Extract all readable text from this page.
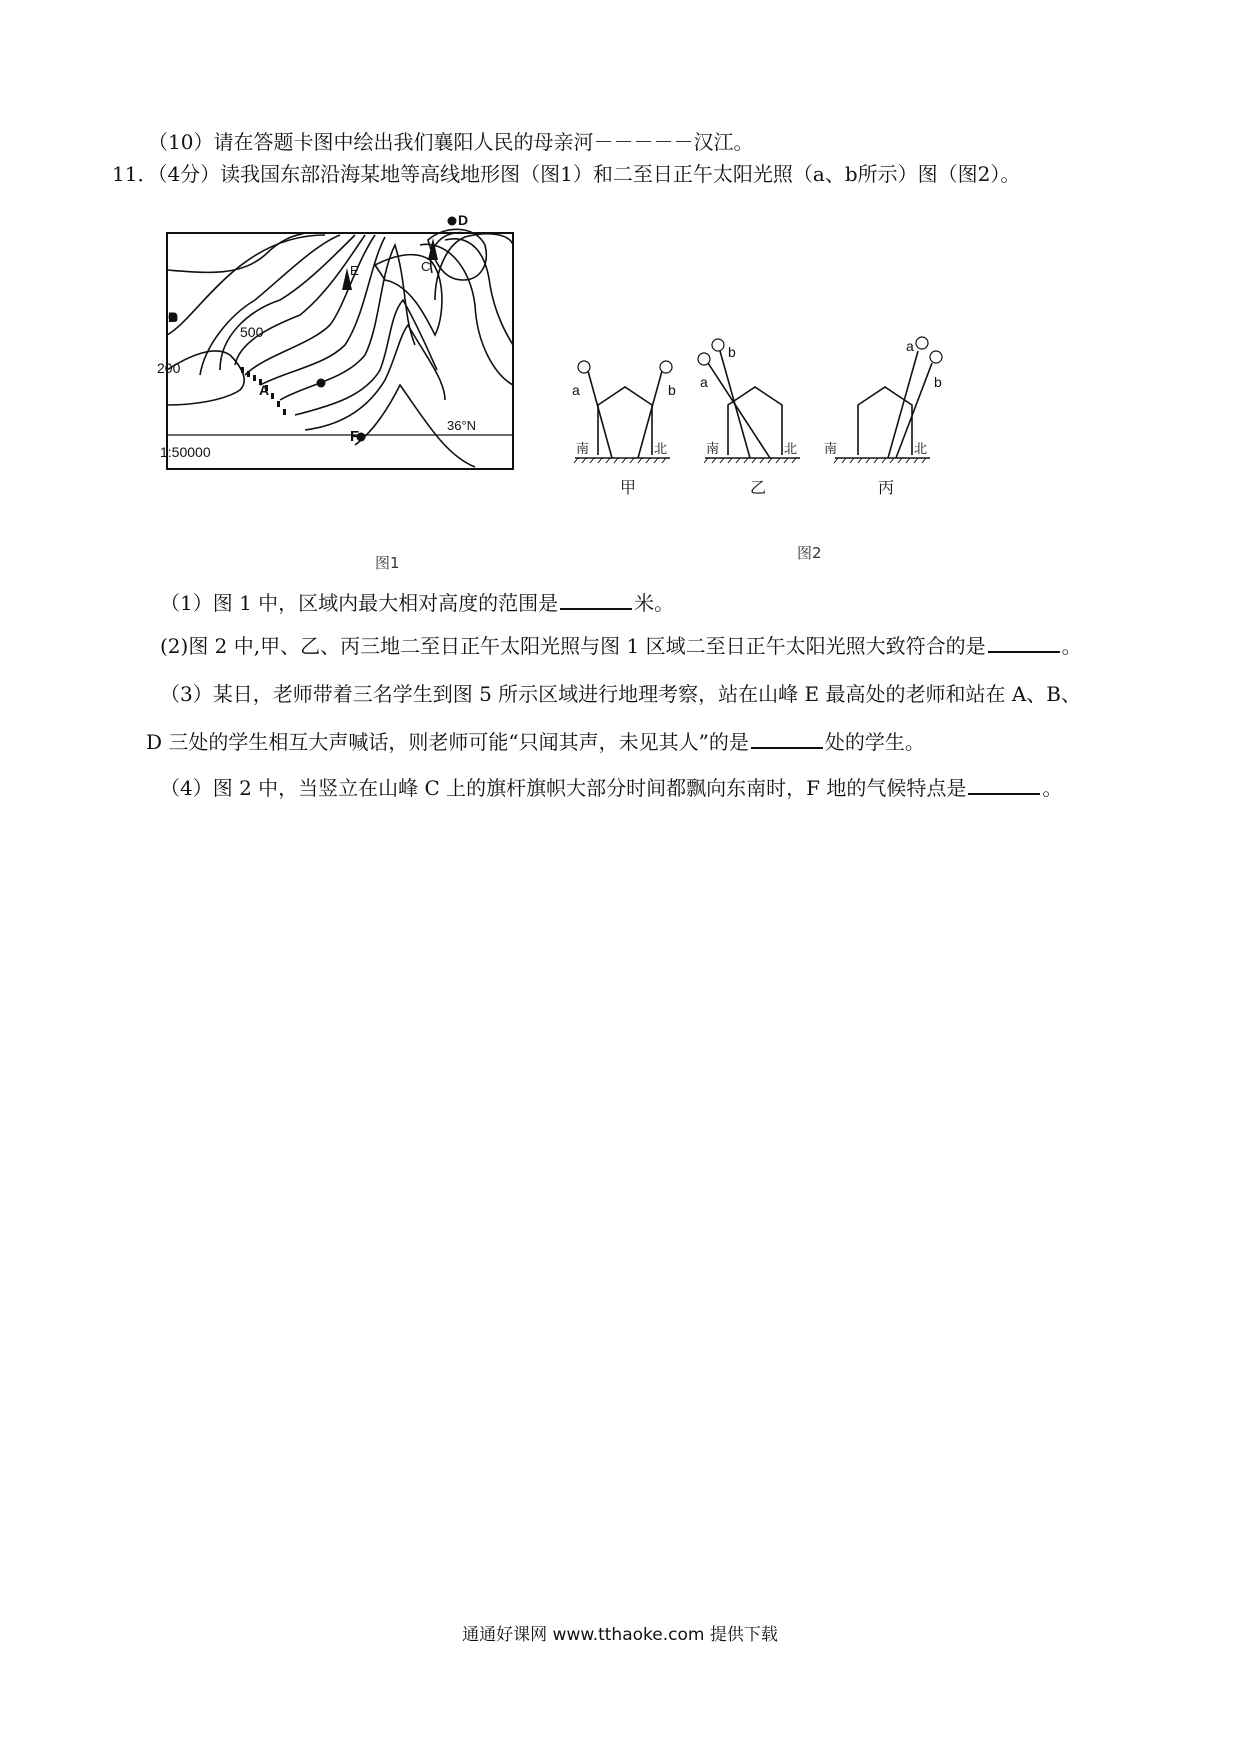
（10）请在答题卡图中绘出我们襄阳人民的母亲河－－－－－汉江。
11．（4分）读我国东部沿海某地等高线地形图（图1）和二至日正午太阳光照（a、b所示）图（图2）。
A
B
C
D
E
F
500
200
36°N
1:50000
图1
a	b
南	北
甲
b
a
南	北
乙
a
b
南	北
丙
图2
（1）图 1 中，区域内最大相对高度的范围是	米。
(2)图 2 中,甲、乙、丙三地二至日正午太阳光照与图 1 区域二至日正午太阳光照大致符合的是	。
（3）某日，老师带着三名学生到图 5 所示区域进行地理考察，站在山峰 E 最高处的老师和站在 A、B、
D 三处的学生相互大声喊话，则老师可能“只闻其声，未见其人”的是	处的学生。
（4）图 2 中，当竖立在山峰 C 上的旗杆旗帜大部分时间都飘向东南时，F 地的气候特点是	。
通通好课网 www.tthaoke.com 提供下载
